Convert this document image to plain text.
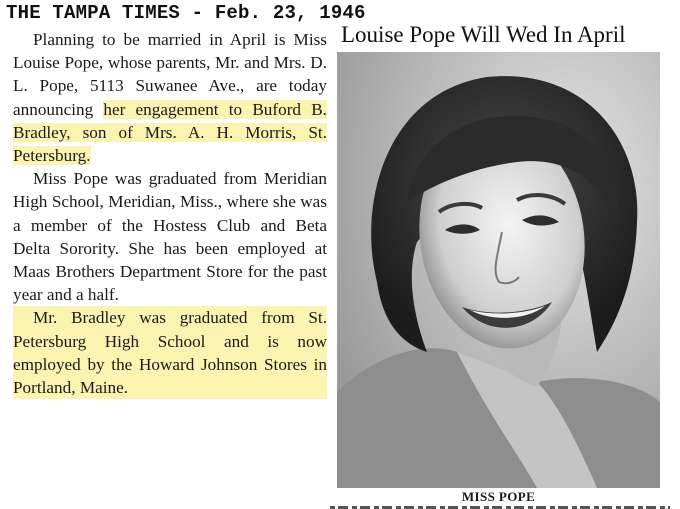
THE TAMPA TIMES - Feb. 23, 1946
Louise Pope Will Wed In April

Planning to be married in April is Miss Louise Pope, whose parents, Mr. and Mrs. D. L. Pope, 5113 Suwanee Ave., are today announcing her engagement to Buford B. Bradley, son of Mrs. A. H. Morris, St. Petersburg.

Miss Pope was graduated from Meridian High School, Meridian, Miss., where she was a member of the Hostess Club and Beta Delta Sorority. She has been employed at Maas Brothers Department Store for the past year and a half.

Mr. Bradley was graduated from St. Petersburg High School and is now employed by the Howard Johnson Stores in Portland, Maine.

MISS POPE
